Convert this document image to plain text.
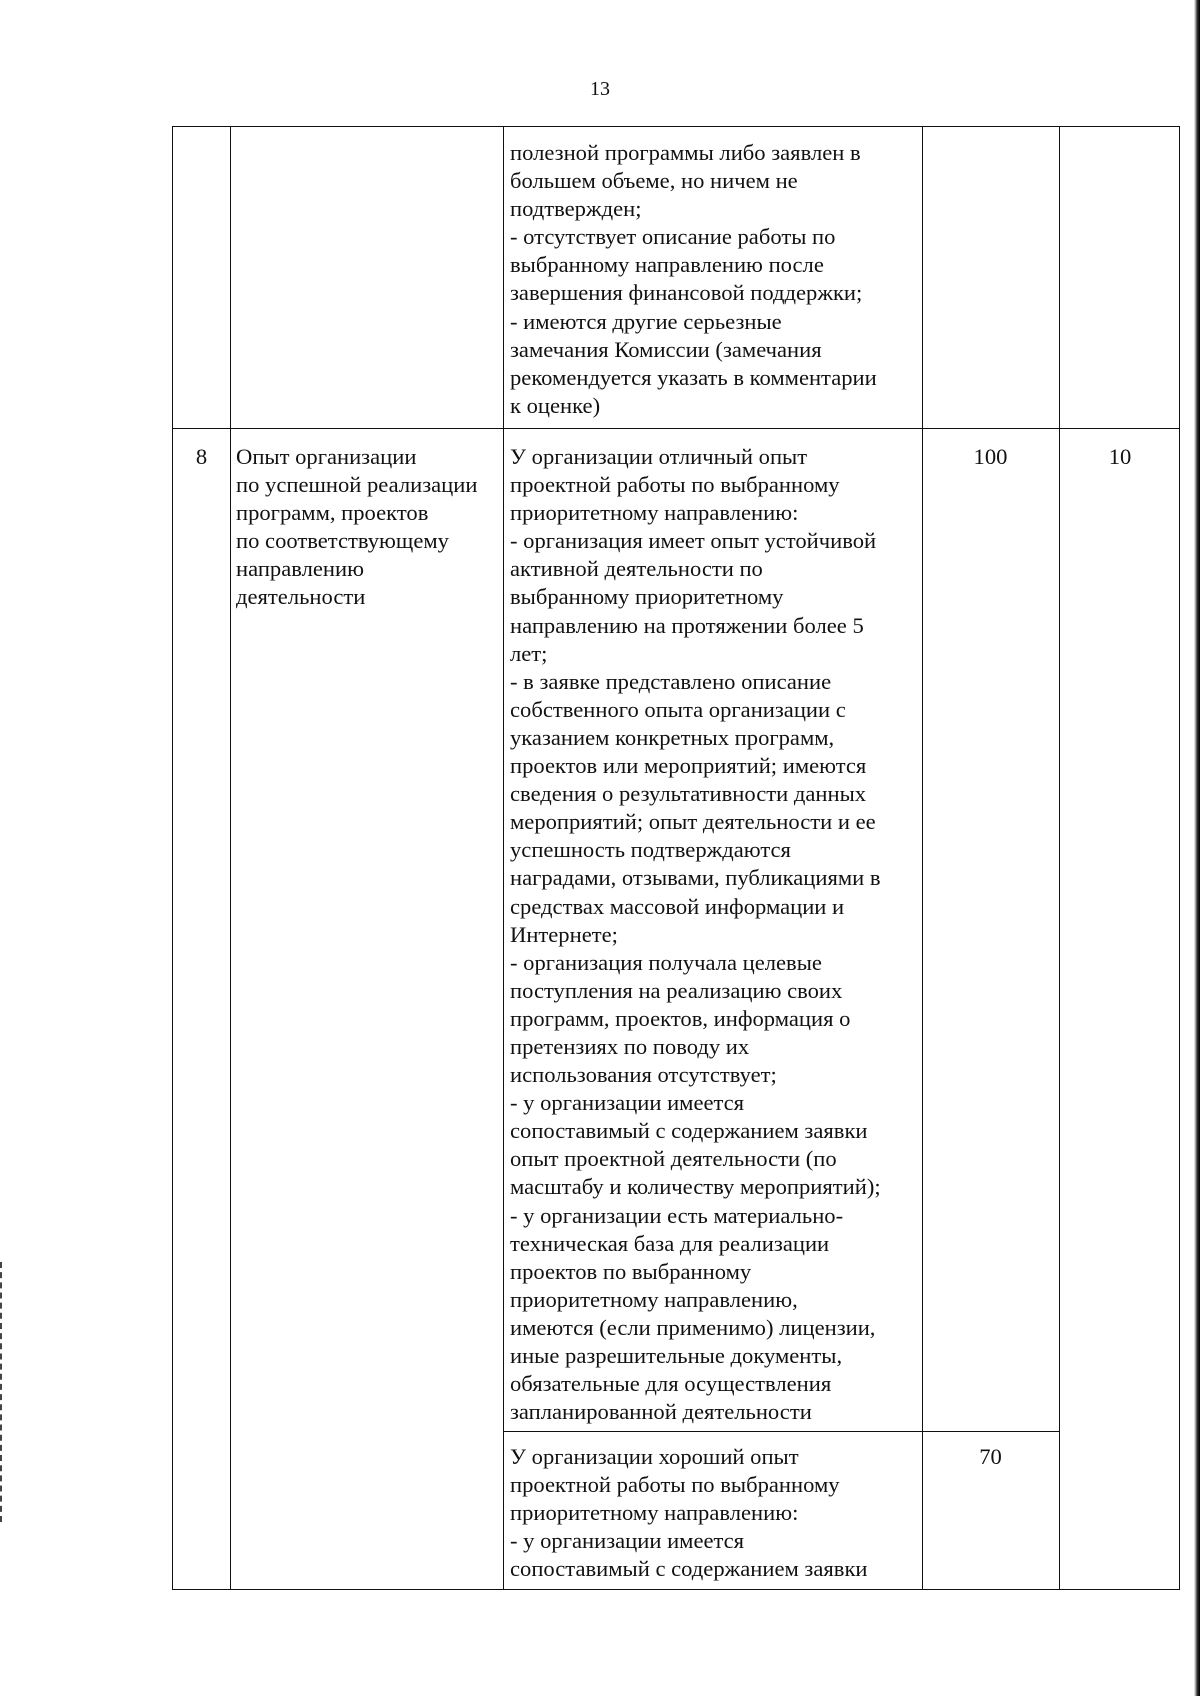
13
полезной программы либо заявлен в
большем объеме, но ничем не
подтвержден;
- отсутствует описание работы по
выбранному направлению после
завершения финансовой поддержки;
- имеются другие серьезные
замечания Комиссии (замечания
рекомендуется указать в комментарии
к оценке)
8	Опыт организации
по успешной реализации
программ, проектов
по соответствующему
направлению
деятельности
У организации отличный опыт
проектной работы по выбранному
приоритетному направлению:
- организация имеет опыт устойчивой
активной деятельности по
выбранному приоритетному
направлению на протяжении более 5
лет;
- в заявке представлено описание
собственного опыта организации с
указанием конкретных программ,
проектов или мероприятий; имеются
сведения о результативности данных
мероприятий; опыт деятельности и ее
успешность подтверждаются
наградами, отзывами, публикациями в
средствах массовой информации и
Интернете;
- организация получала целевые
поступления на реализацию своих
программ, проектов, информация о
претензиях по поводу их
использования отсутствует;
- у организации имеется
сопоставимый с содержанием заявки
опыт проектной деятельности (по
масштабу и количеству мероприятий);
- у организации есть материально-
техническая база для реализации
проектов по выбранному
приоритетному направлению,
имеются (если применимо) лицензии,
иные разрешительные документы,
обязательные для осуществления
запланированной деятельности
100	10
У организации хороший опыт
проектной работы по выбранному
приоритетному направлению:
- у организации имеется
сопоставимый с содержанием заявки
70
